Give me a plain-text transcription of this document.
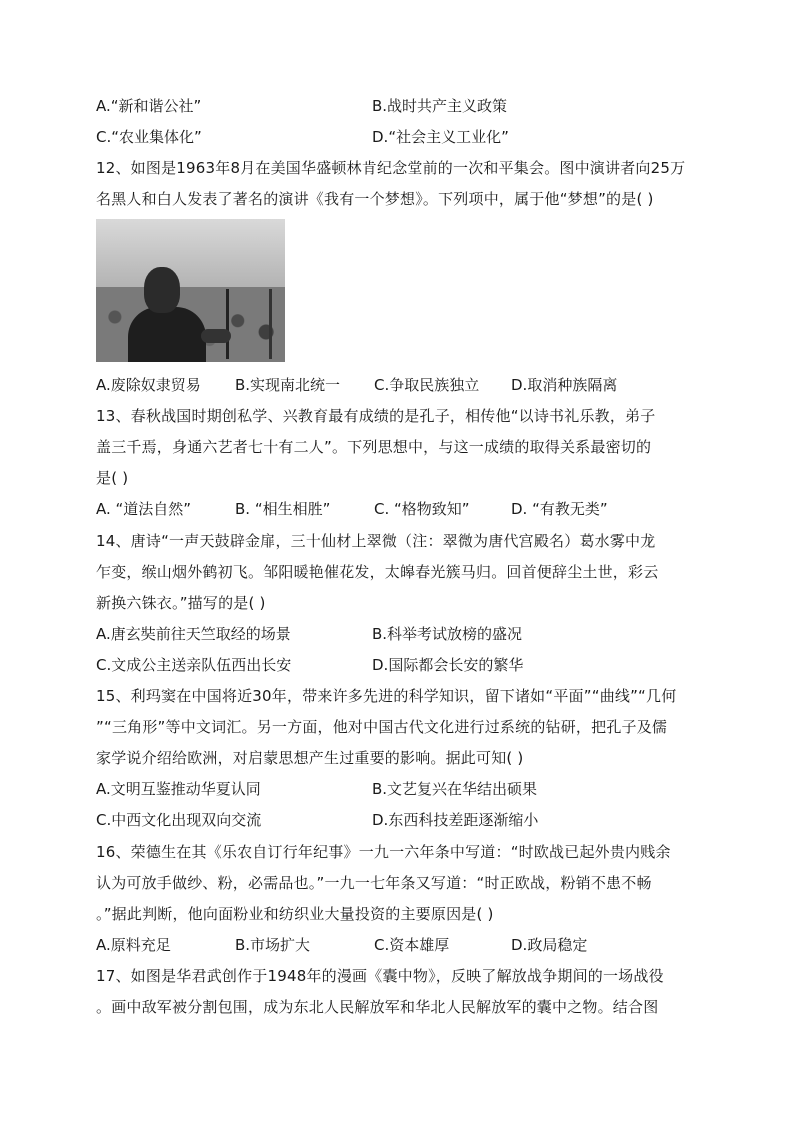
A.“新和谐公社”	B.战时共产主义政策
C.“农业集体化”	D.“社会主义工业化”
12、如图是1963年8月在美国华盛顿林肯纪念堂前的一次和平集会。图中演讲者向25万
名黑人和白人发表了著名的演讲《我有一个梦想》。下列项中，属于他“梦想”的是( )
A.废除奴隶贸易 B.实现南北统一 C.争取民族独立 D.取消种族隔离
13、春秋战国时期创私学、兴教育最有成绩的是孔子，相传他“以诗书礼乐教，弟子
盖三千焉，身通六艺者七十有二人”。下列思想中，与这一成绩的取得关系最密切的
是( )
A. “道法自然”	B. “相生相胜”	C. “格物致知”	D. “有教无类”
14、唐诗“一声天鼓辟金扉，三十仙材上翠微（注：翠微为唐代宫殿名）葛水雾中龙
乍变，缑山烟外鹤初飞。邹阳暖艳催花发，太皞春光簇马归。回首便辞尘土世，彩云
新换六铢衣。”描写的是( )
A.唐玄奘前往天竺取经的场景	B.科举考试放榜的盛况
C.文成公主送亲队伍西出长安	D.国际都会长安的繁华
15、利玛窦在中国将近30年，带来许多先进的科学知识，留下诸如“平面”“曲线”“几何
”“三角形”等中文词汇。另一方面，他对中国古代文化进行过系统的钻研，把孔子及儒
家学说介绍给欧洲，对启蒙思想产生过重要的影响。据此可知( )
A.文明互鉴推动华夏认同	B.文艺复兴在华结出硕果
C.中西文化出现双向交流	D.东西科技差距逐渐缩小
16、荣德生在其《乐农自订行年纪事》一九一六年条中写道：“时欧战已起外贵内贱余
认为可放手做纱、粉，必需品也。”一九一七年条又写道：“时正欧战，粉销不患不畅
。”据此判断，他向面粉业和纺织业大量投资的主要原因是( )
A.原料充足	B.市场扩大	C.资本雄厚	D.政局稳定
17、如图是华君武创作于1948年的漫画《囊中物》，反映了解放战争期间的一场战役
。画中敌军被分割包围，成为东北人民解放军和华北人民解放军的囊中之物。结合图
